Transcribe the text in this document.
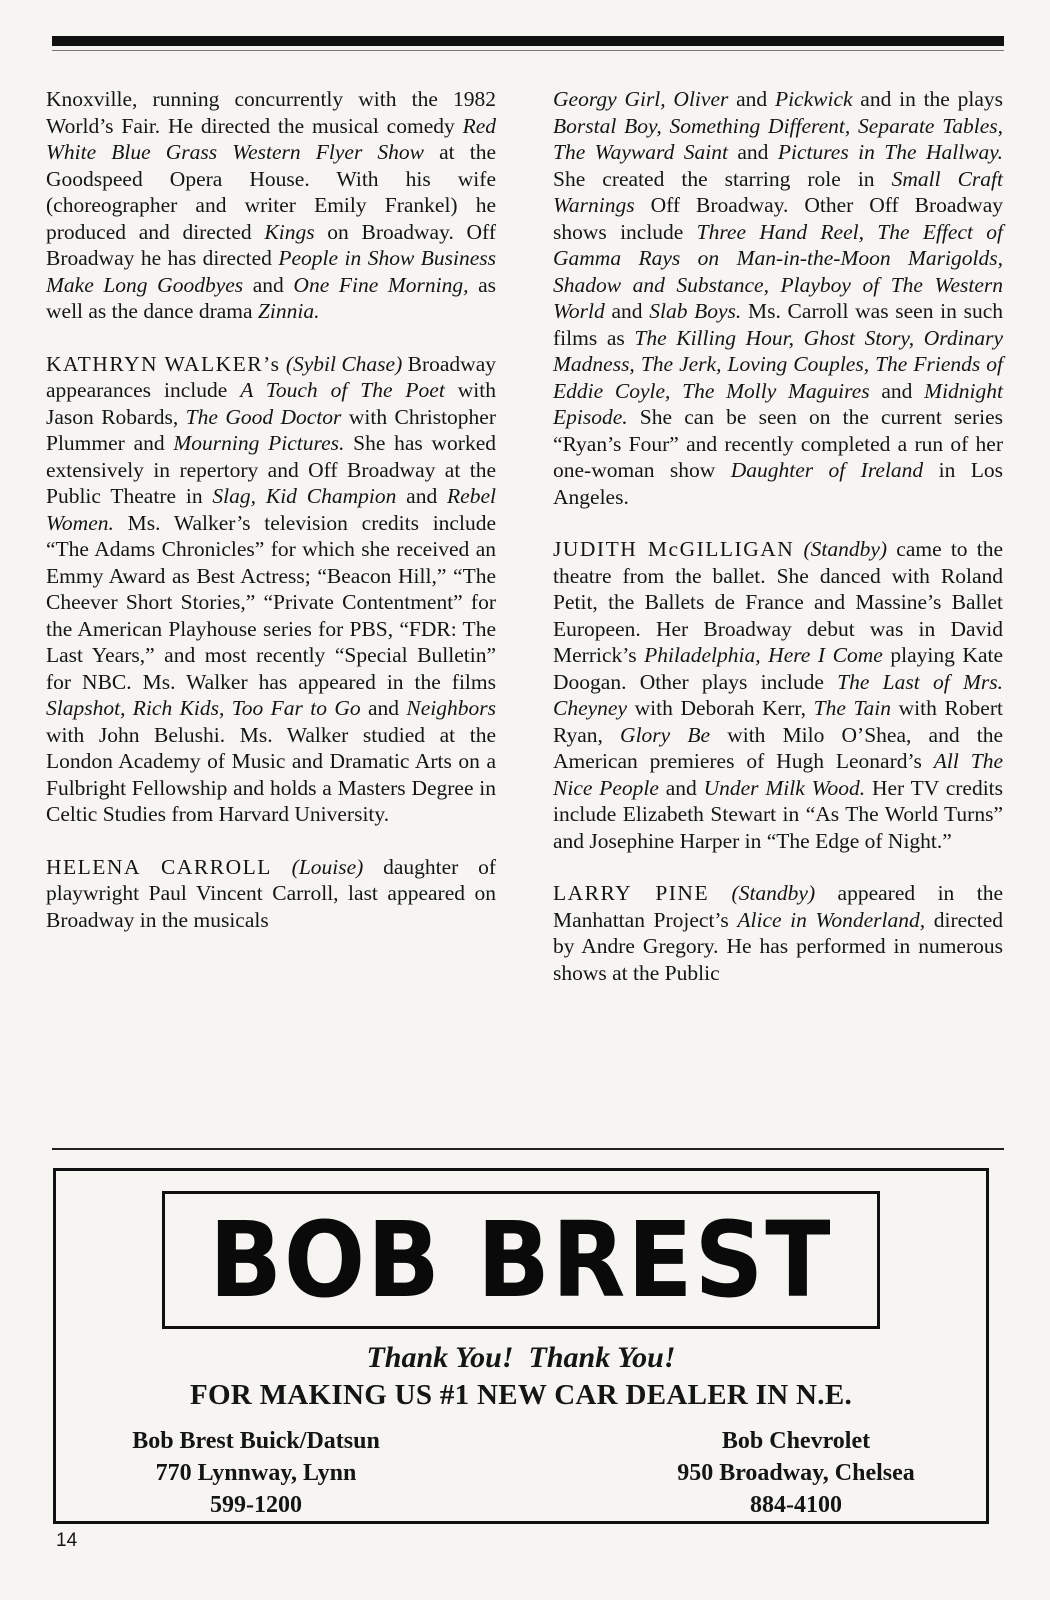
Knoxville, running concurrently with the 1982 World’s Fair. He directed the musical comedy Red White Blue Grass Western Flyer Show at the Goodspeed Opera House. With his wife (choreographer and writer Emily Frankel) he produced and directed Kings on Broadway. Off Broadway he has directed People in Show Business Make Long Goodbyes and One Fine Morning, as well as the dance drama Zinnia.

KATHRYN WALKER’s (Sybil Chase) Broadway appearances include A Touch of The Poet with Jason Robards, The Good Doctor with Christopher Plummer and Mourning Pictures. She has worked extensively in repertory and Off Broadway at the Public Theatre in Slag, Kid Champion and Rebel Women. Ms. Walker’s television credits include “The Adams Chronicles” for which she received an Emmy Award as Best Actress; “Beacon Hill,” “The Cheever Short Stories,” “Private Contentment” for the American Playhouse series for PBS, “FDR: The Last Years,” and most recently “Special Bulletin” for NBC. Ms. Walker has appeared in the films Slapshot, Rich Kids, Too Far to Go and Neighbors with John Belushi. Ms. Walker studied at the London Academy of Music and Dramatic Arts on a Fulbright Fellowship and holds a Masters Degree in Celtic Studies from Harvard University.

HELENA CARROLL (Louise) daughter of playwright Paul Vincent Carroll, last appeared on Broadway in the musicals

Georgy Girl, Oliver and Pickwick and in the plays Borstal Boy, Something Different, Separate Tables, The Wayward Saint and Pictures in The Hallway. She created the starring role in Small Craft Warnings Off Broadway. Other Off Broadway shows include Three Hand Reel, The Effect of Gamma Rays on Man-in-the-Moon Marigolds, Shadow and Substance, Playboy of The Western World and Slab Boys. Ms. Carroll was seen in such films as The Killing Hour, Ghost Story, Ordinary Madness, The Jerk, Loving Couples, The Friends of Eddie Coyle, The Molly Maguires and Midnight Episode. She can be seen on the current series “Ryan’s Four” and recently completed a run of her one-woman show Daughter of Ireland in Los Angeles.

JUDITH McGILLIGAN (Standby) came to the theatre from the ballet. She danced with Roland Petit, the Ballets de France and Massine’s Ballet Europeen. Her Broadway debut was in David Merrick’s Philadelphia, Here I Come playing Kate Doogan. Other plays include The Last of Mrs. Cheyney with Deborah Kerr, The Tain with Robert Ryan, Glory Be with Milo O’Shea, and the American premieres of Hugh Leonard’s All The Nice People and Under Milk Wood. Her TV credits include Elizabeth Stewart in “As The World Turns” and Josephine Harper in “The Edge of Night.”

LARRY PINE (Standby) appeared in the Manhattan Project’s Alice in Wonderland, directed by Andre Gregory. He has performed in numerous shows at the Public

BOB BREST
Thank You!  Thank You!
FOR MAKING US #1 NEW CAR DEALER IN N.E.
Bob Brest Buick/Datsun
770 Lynnway, Lynn
599-1200
Bob Chevrolet
950 Broadway, Chelsea
884-4100
14
